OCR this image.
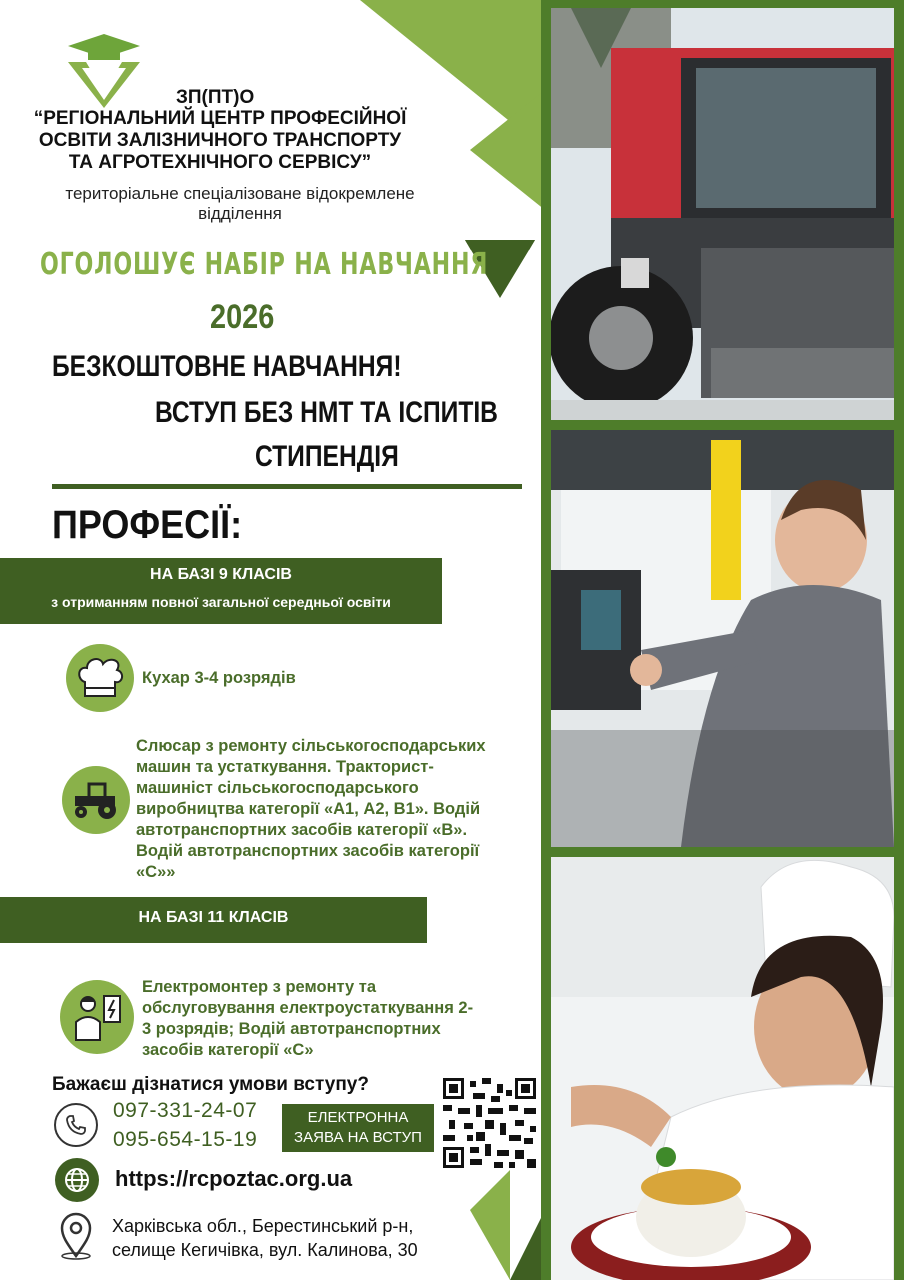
ЗП(ПТ)О
“РЕГІОНАЛЬНИЙ ЦЕНТР ПРОФЕСІЙНОЇ
ОСВІТИ ЗАЛІЗНИЧНОГО ТРАНСПОРТУ
ТА АГРОТЕХНІЧНОГО СЕРВІСУ”
територіальне спеціалізоване відокремлене
відділення
ОГОЛОШУЄ НАБІР НА НАВЧАННЯ
2026
БЕЗКОШТОВНЕ НАВЧАННЯ!
ВСТУП БЕЗ НМТ ТА ІСПИТІВ
СТИПЕНДІЯ
ПРОФЕСІЇ:
НА БАЗІ 9 КЛАСІВ
з отриманням повної загальної середньої освіти
Кухар 3-4 розрядів
Слюсар з ремонту сільськогосподарських
машин та устаткування. Тракторист-
машиніст сільськогосподарського
виробництва категорії «А1, А2, В1». Водій
автотранспортних засобів категорії «В».
Водій автотранспортних засобів категорії
«С»»
НА БАЗІ 11 КЛАСІВ
Електромонтер з ремонту та
обслуговування електроустаткування 2-
3 розрядів; Водій автотранспортних
засобів категорії «С»
Бажаєш дізнатися умови вступу?
097-331-24-07
095-654-15-19
ЕЛЕКТРОННА
ЗАЯВА НА ВСТУП
https://rcpoztac.org.ua
Харківська обл., Берестинський р-н,
селище Кегичівка, вул. Калинова, 30
